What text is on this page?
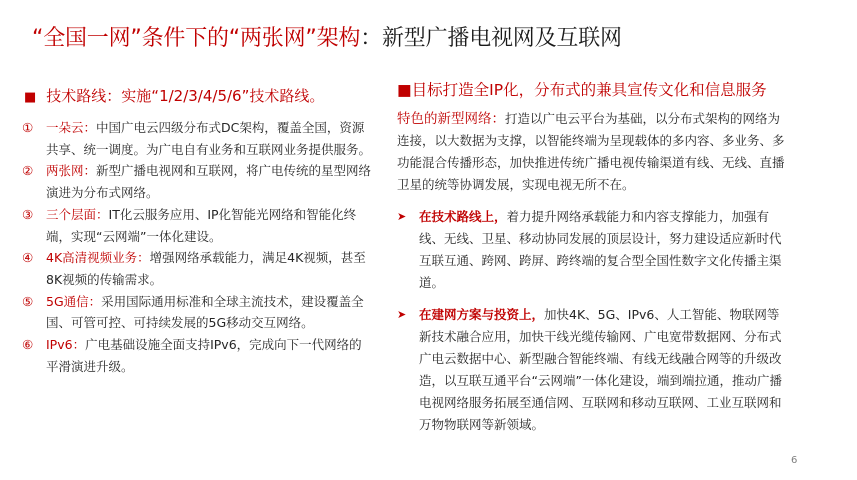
“全国一网”条件下的“两张网”架构：新型广播电视网及互联网
■ 技术路线：实施“1/2/3/4/5/6”技术路线。
①	一朵云：中国广电云四级分布式DC架构，覆盖全国，资源共享、统一调度。为广电自有业务和互联网业务提供服务。
②	两张网：新型广播电视网和互联网，将广电传统的星型网络演进为分布式网络。
③	三个层面：IT化云服务应用、IP化智能光网络和智能化终端，实现“云网端”一体化建设。
④	4K高清视频业务：增强网络承载能力，满足4K视频，甚至8K视频的传输需求。
⑤	5G通信：采用国际通用标准和全球主流技术，建设覆盖全国、可管可控、可持续发展的5G移动交互网络。
⑥	IPv6：广电基础设施全面支持IPv6，完成向下一代网络的平滑演进升级。
■目标打造全IP化，分布式的兼具宣传文化和信息服务
特色的新型网络：打造以广电云平台为基础，以分布式架构的网络为连接，以大数据为支撑，以智能终端为呈现载体的多内容、多业务、多功能混合传播形态，加快推进传统广播电视传输渠道有线、无线、直播卫星的统等协调发展，实现电视无所不在。
➤	在技术路线上，着力提升网络承载能力和内容支撑能力，加强有线、无线、卫星、移动协同发展的顶层设计，努力建设适应新时代互联互通、跨网、跨屏、跨终端的复合型全国性数字文化传播主渠道。
➤	在建网方案与投资上，加快4K、5G、IPv6、人工智能、物联网等新技术融合应用，加快干线光缆传输网、广电宽带数据网、分布式广电云数据中心、新型融合智能终端、有线无线融合网等的升级改造，以互联互通平台“云网端”一体化建设，端到端拉通，推动广播电视网络服务拓展至通信网、互联网和移动互联网、工业互联网和万物物联网等新领域。
6
